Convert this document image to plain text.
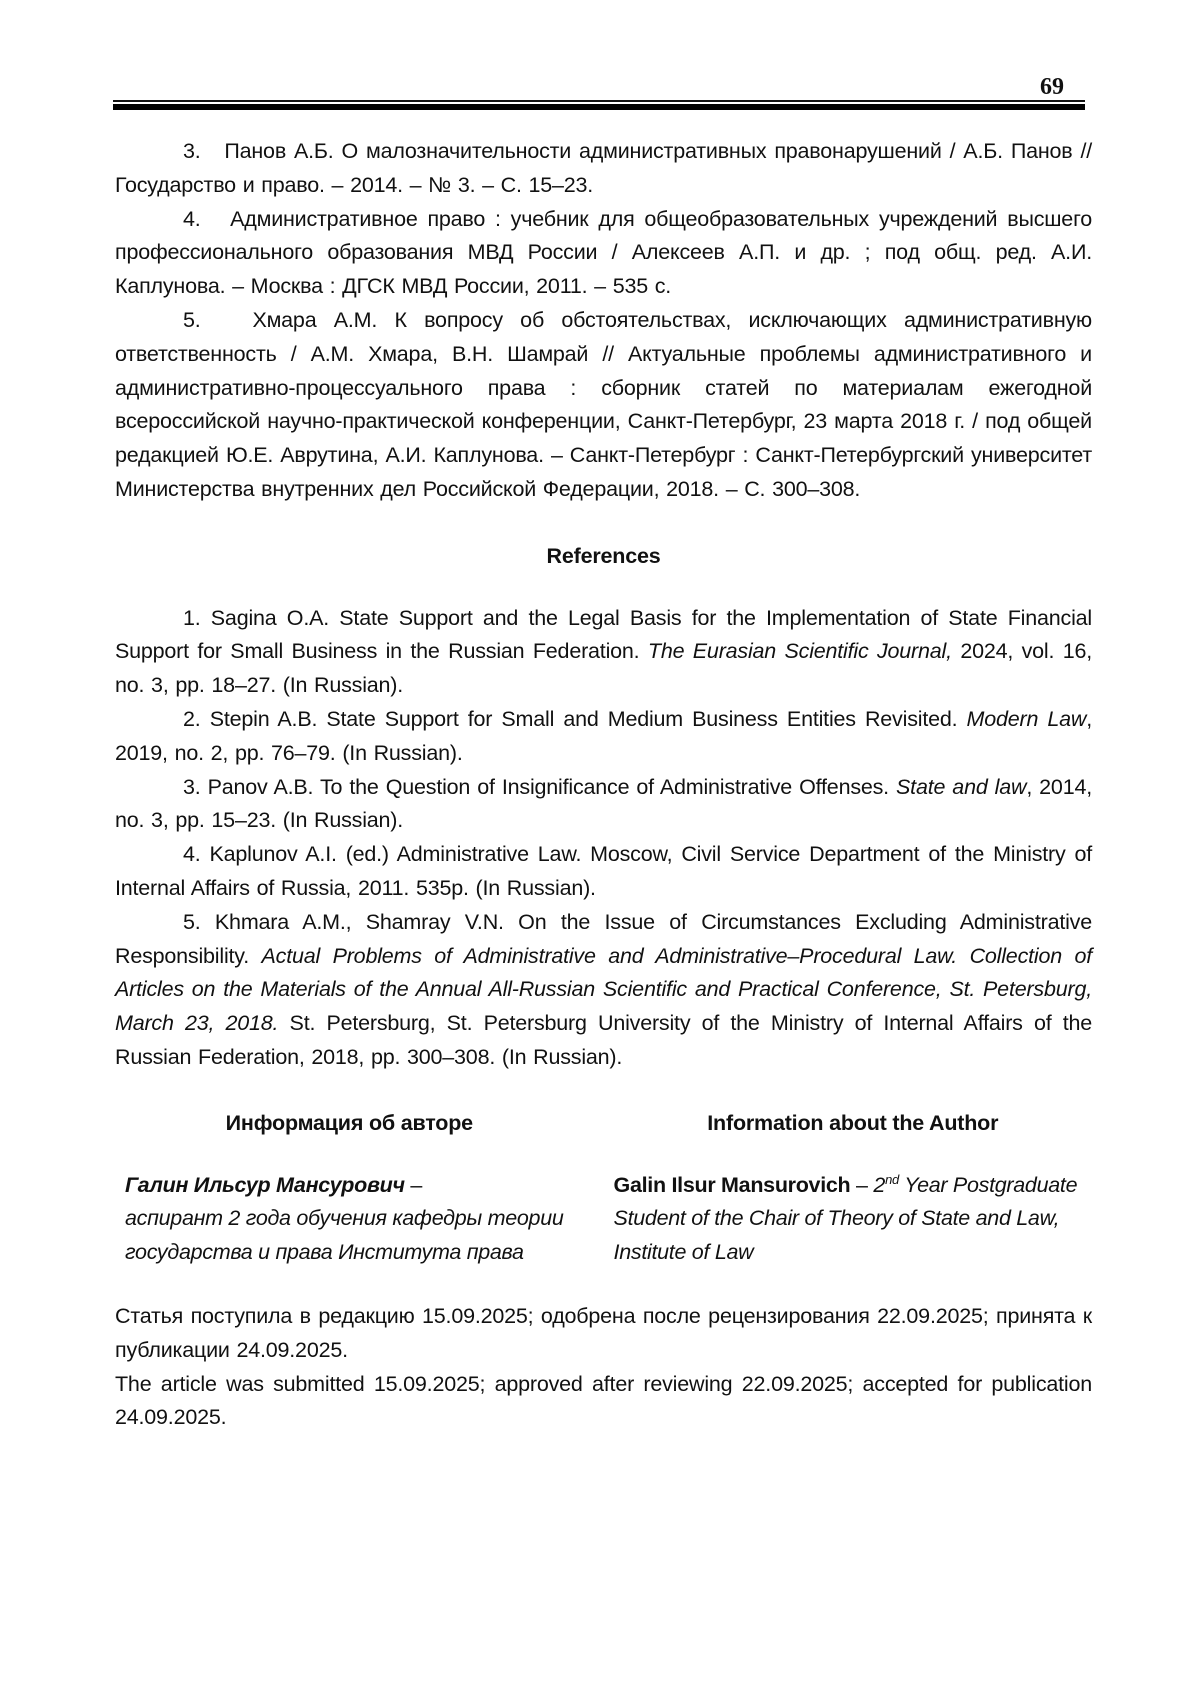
69

3. Панов А.Б. О малозначительности административных правонарушений / А.Б. Панов // Государство и право. – 2014. – № 3. – С. 15–23.

4. Административное право : учебник для общеобразовательных учреждений высшего профессионального образования МВД России / Алексеев А.П. и др. ; под общ. ред. А.И. Каплунова. – Москва : ДГСК МВД России, 2011. – 535 с.

5. Хмара А.М. К вопросу об обстоятельствах, исключающих административную ответственность / А.М. Хмара, В.Н. Шамрай // Актуальные проблемы административного и административно-процессуального права : сборник статей по материалам ежегодной всероссийской научно-практической конференции, Санкт-Петербург, 23 марта 2018 г. / под общей редакцией Ю.Е. Аврутина, А.И. Каплунова. – Санкт-Петербург : Санкт-Петербургский университет Министерства внутренних дел Российской Федерации, 2018. – С. 300–308.

References

1. Sagina O.A. State Support and the Legal Basis for the Implementation of State Financial Support for Small Business in the Russian Federation. The Eurasian Scientific Journal, 2024, vol. 16, no. 3, pp. 18–27. (In Russian).

2. Stepin A.B. State Support for Small and Medium Business Entities Revisited. Modern Law, 2019, no. 2, pp. 76–79. (In Russian).

3. Panov A.B. To the Question of Insignificance of Administrative Offenses. State and law, 2014, no. 3, pp. 15–23. (In Russian).

4. Kaplunov A.I. (ed.) Administrative Law. Moscow, Civil Service Department of the Ministry of Internal Affairs of Russia, 2011. 535p. (In Russian).

5. Khmara A.M., Shamray V.N. On the Issue of Circumstances Excluding Administrative Responsibility. Actual Problems of Administrative and Administrative–Procedural Law. Collection of Articles on the Materials of the Annual All-Russian Scientific and Practical Conference, St. Petersburg, March 23, 2018. St. Petersburg, St. Petersburg University of the Ministry of Internal Affairs of the Russian Federation, 2018, pp. 300–308. (In Russian).

Информация об авторе

Галин Ильсур Мансурович –
аспирант 2 года обучения кафедры теории государства и права Института права

Information about the Author

Galin Ilsur Mansurovich – 2nd Year Postgraduate Student of the Chair of Theory of State and Law, Institute of Law

Статья поступила в редакцию 15.09.2025; одобрена после рецензирования 22.09.2025; принята к публикации 24.09.2025.

The article was submitted 15.09.2025; approved after reviewing 22.09.2025; accepted for publication 24.09.2025.
